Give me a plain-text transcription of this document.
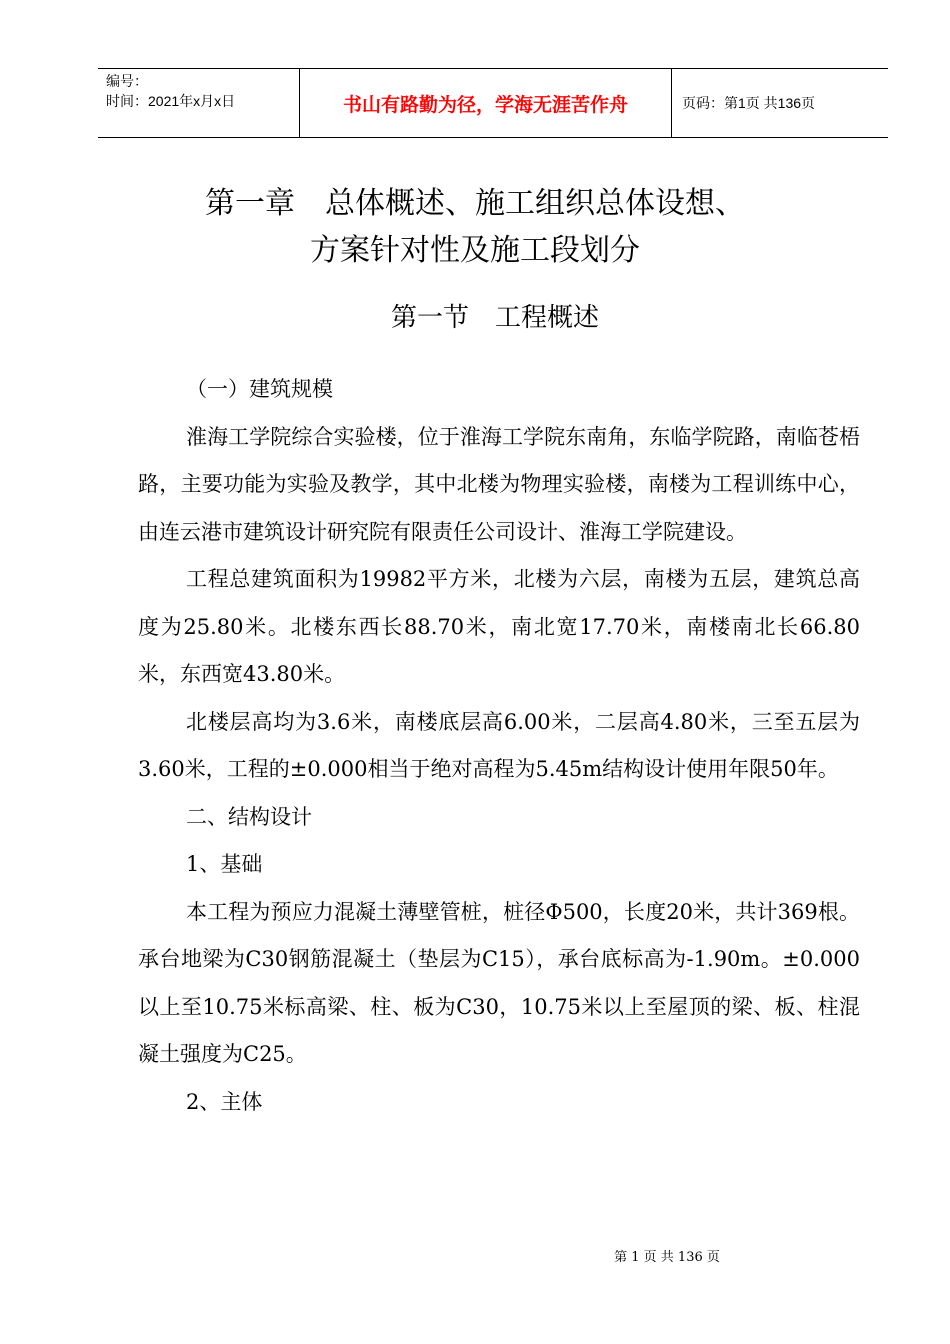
编号：
时间：2021年x月x日	书山有路勤为径，学海无涯苦作舟	页码：第1页 共136页
第一章　总体概述、施工组织总体设想、
方案针对性及施工段划分
第一节　工程概述

（一）建筑规模

淮海工学院综合实验楼，位于淮海工学院东南角，东临学院路，南临苍梧路，主要功能为实验及教学，其中北楼为物理实验楼，南楼为工程训练中心，由连云港市建筑设计研究院有限责任公司设计、淮海工学院建设。

工程总建筑面积为19982平方米，北楼为六层，南楼为五层，建筑总高度为25.80米。北楼东西长88.70米，南北宽17.70米，南楼南北长66.80米，东西宽43.80米。

北楼层高均为3.6米，南楼底层高6.00米，二层高4.80米，三至五层为3.60米，工程的±0.000相当于绝对高程为5.45m结构设计使用年限50年。

二、结构设计

1、基础

本工程为预应力混凝土薄壁管桩，桩径Φ500，长度20米，共计369根。承台地梁为C30钢筋混凝土（垫层为C15），承台底标高为-1.90m。±0.000以上至10.75米标高梁、柱、板为C30，10.75米以上至屋顶的梁、板、柱混凝土强度为C25。

2、主体

第 1 页 共 136 页
